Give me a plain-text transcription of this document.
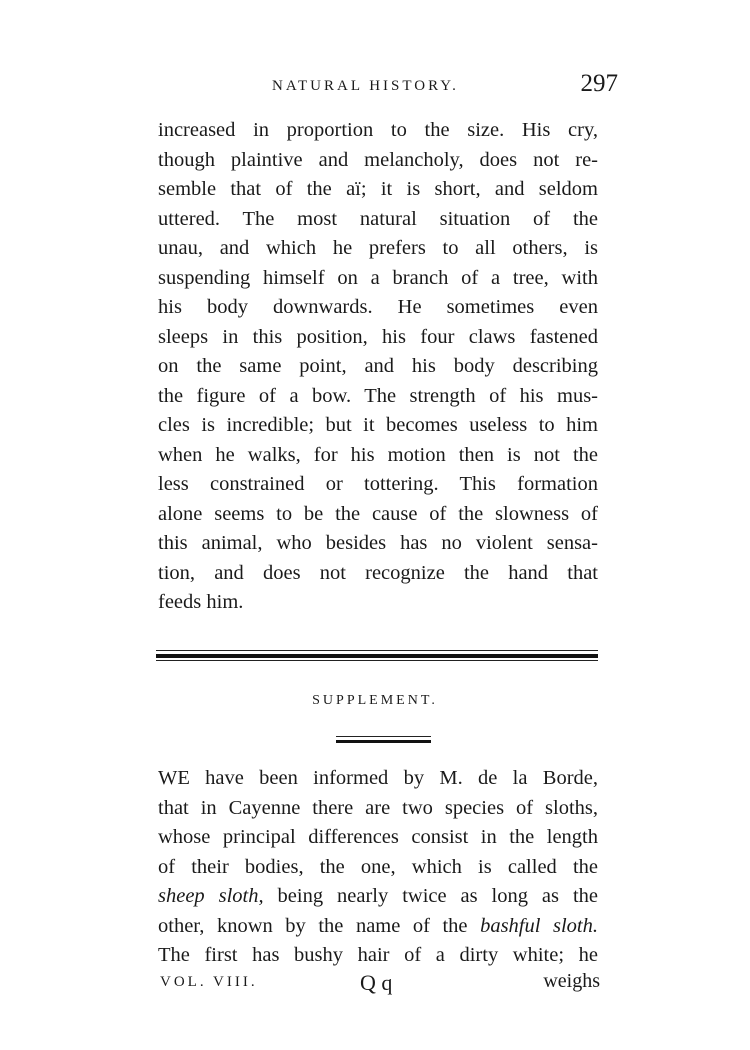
NATURAL HISTORY.	297
increased in proportion to the size. His cry,
though plaintive and melancholy, does not re-
semble that of the aï; it is short, and seldom
uttered. The most natural situation of the
unau, and which he prefers to all others, is
suspending himself on a branch of a tree, with
his body downwards. He sometimes even
sleeps in this position, his four claws fastened
on the same point, and his body describing
the figure of a bow. The strength of his mus-
cles is incredible; but it becomes useless to him
when he walks, for his motion then is not the
less constrained or tottering. This formation
alone seems to be the cause of the slowness of
this animal, who besides has no violent sensa-
tion, and does not recognize the hand that
feeds him.
SUPPLEMENT.
WE have been informed by M. de la Borde,
that in Cayenne there are two species of sloths,
whose principal differences consist in the length
of their bodies, the one, which is called the
sheep sloth, being nearly twice as long as the
other, known by the name of the bashful sloth.
The first has bushy hair of a dirty white; he
VOL. VIII.	Q q	weighs
